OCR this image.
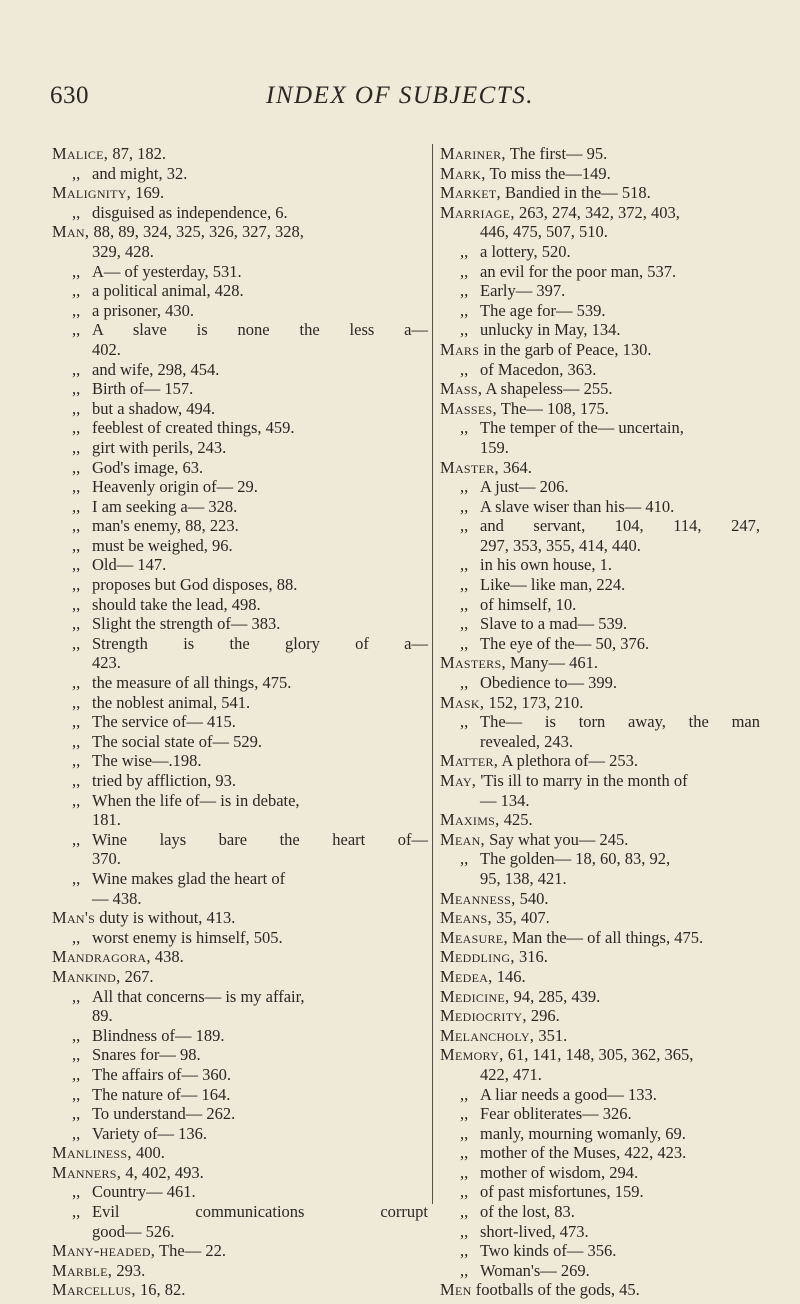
630	INDEX OF SUBJECTS.
Malice, 87, 182.
,, and might, 32.
Malignity, 169.
,, disguised as independence, 6.
Man, 88, 89, 324, 325, 326, 327, 328,
329, 428.
,, A— of yesterday, 531.
,, a political animal, 428.
,, a prisoner, 430.
,, A slave is none the less a—
402.
,, and wife, 298, 454.
,, Birth of— 157.
,, but a shadow, 494.
,, feeblest of created things, 459.
,, girt with perils, 243.
,, God's image, 63.
,, Heavenly origin of— 29.
,, I am seeking a— 328.
,, man's enemy, 88, 223.
,, must be weighed, 96.
,, Old— 147.
,, proposes but God disposes, 88.
,, should take the lead, 498.
,, Slight the strength of— 383.
,, Strength is the glory of a—
423.
,, the measure of all things, 475.
,, the noblest animal, 541.
,, The service of— 415.
,, The social state of— 529.
,, The wise—.198.
,, tried by affliction, 93.
,, When the life of— is in debate,
181.
,, Wine lays bare the heart of—
370.
,, Wine makes glad the heart of
— 438.
Man's duty is without, 413.
,, worst enemy is himself, 505.
Mandragora, 438.
Mankind, 267.
,, All that concerns— is my affair,
89.
,, Blindness of— 189.
,, Snares for— 98.
,, The affairs of— 360.
,, The nature of— 164.
,, To understand— 262.
,, Variety of— 136.
Manliness, 400.
Manners, 4, 402, 493.
,, Country— 461.
,, Evil communications corrupt
good— 526.
Many-headed, The— 22.
Marble, 293.
Marcellus, 16, 82.
Mariner, The first— 95.
Mark, To miss the—149.
Market, Bandied in the— 518.
Marriage, 263, 274, 342, 372, 403,
446, 475, 507, 510.
,, a lottery, 520.
,, an evil for the poor man, 537.
,, Early— 397.
,, The age for— 539.
,, unlucky in May, 134.
Mars in the garb of Peace, 130.
,, of Macedon, 363.
Mass, A shapeless— 255.
Masses, The— 108, 175.
,, The temper of the— uncertain,
159.
Master, 364.
,, A just— 206.
,, A slave wiser than his— 410.
,, and servant, 104, 114, 247,
297, 353, 355, 414, 440.
,, in his own house, 1.
,, Like— like man, 224.
,, of himself, 10.
,, Slave to a mad— 539.
,, The eye of the— 50, 376.
Masters, Many— 461.
,, Obedience to— 399.
Mask, 152, 173, 210.
,, The— is torn away, the man
revealed, 243.
Matter, A plethora of— 253.
May, 'Tis ill to marry in the month of
— 134.
Maxims, 425.
Mean, Say what you— 245.
,, The golden— 18, 60, 83, 92,
95, 138, 421.
Meanness, 540.
Means, 35, 407.
Measure, Man the— of all things, 475.
Meddling, 316.
Medea, 146.
Medicine, 94, 285, 439.
Mediocrity, 296.
Melancholy, 351.
Memory, 61, 141, 148, 305, 362, 365,
422, 471.
,, A liar needs a good— 133.
,, Fear obliterates— 326.
,, manly, mourning womanly, 69.
,, mother of the Muses, 422, 423.
,, mother of wisdom, 294.
,, of past misfortunes, 159.
,, of the lost, 83.
,, short-lived, 473.
,, Two kinds of— 356.
,, Woman's— 269.
Men footballs of the gods, 45.
